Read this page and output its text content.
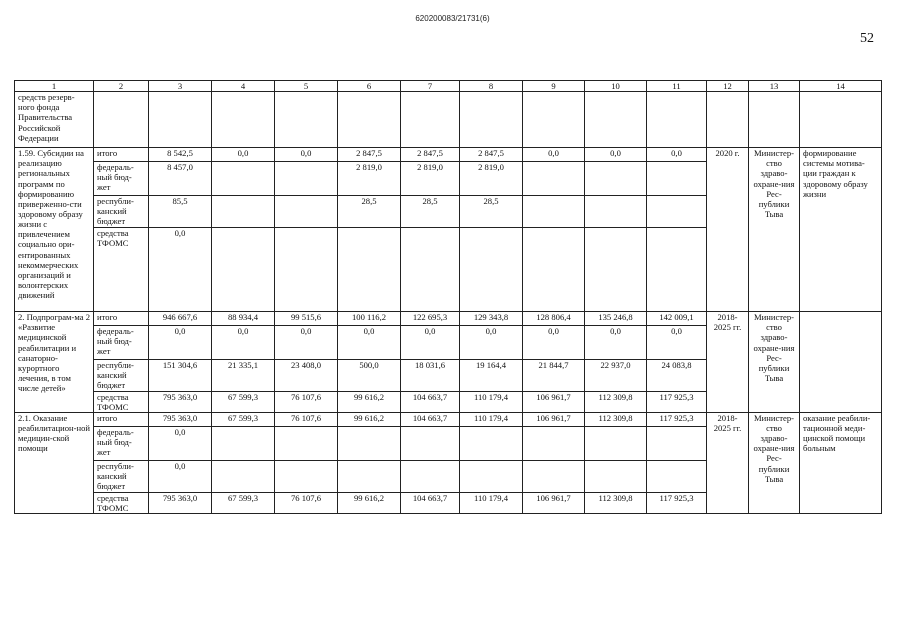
620200083/21731(6)
52
1	2	3	4	5	6	7	8	9	10	11	12	13	14
средств резерв-ного фонда Правительства Российской Федерации													
1.59. Субсидии на реализацию региональных программ по формированию приверженно-сти здоровому образу жизни с привлечением социально ори-ентированных некоммерческих организаций и волонтерских движений	итого	8 542,5	0,0	0,0	2 847,5	2 847,5	2 847,5	0,0	0,0	0,0	2020 г.	Министер-ство здраво-охране-ния Рес-публики Тыва	формирование системы мотива-ции граждан к здоровому образу жизни
	федераль-ный бюд-жет	8 457,0			2 819,0	2 819,0	2 819,0						
	республи-канский бюджет	85,5			28,5	28,5	28,5						
	средства ТФОМС	0,0											
2. Подпрограм-ма 2 «Развитие медицинской реабилитации и санаторно-курортного лечения, в том числе детей»	итого	946 667,6	88 934,4	99 515,6	100 116,2	122 695,3	129 343,8	128 806,4	135 246,8	142 009,1	2018-2025 гг.	Министер-ство здраво-охране-ния Рес-публики Тыва	
	федераль-ный бюд-жет	0,0	0,0	0,0	0,0	0,0	0,0	0,0	0,0	0,0			
	республи-канский бюджет	151 304,6	21 335,1	23 408,0	500,0	18 031,6	19 164,4	21 844,7	22 937,0	24 083,8			
	средства ТФОМС	795 363,0	67 599,3	76 107,6	99 616,2	104 663,7	110 179,4	106 961,7	112 309,8	117 925,3			
2.1. Оказание реабилитацион-ной медицин-ской помощи	итого	795 363,0	67 599,3	76 107,6	99 616,2	104 663,7	110 179,4	106 961,7	112 309,8	117 925,3	2018-2025 гг.	Министер-ство здраво-охране-ния Рес-публики Тыва	оказание реабили-тационной меди-цинской помощи больным
	федераль-ный бюд-жет	0,0											
	республи-канский бюджет	0,0											
	средства ТФОМС	795 363,0	67 599,3	76 107,6	99 616,2	104 663,7	110 179,4	106 961,7	112 309,8	117 925,3			
